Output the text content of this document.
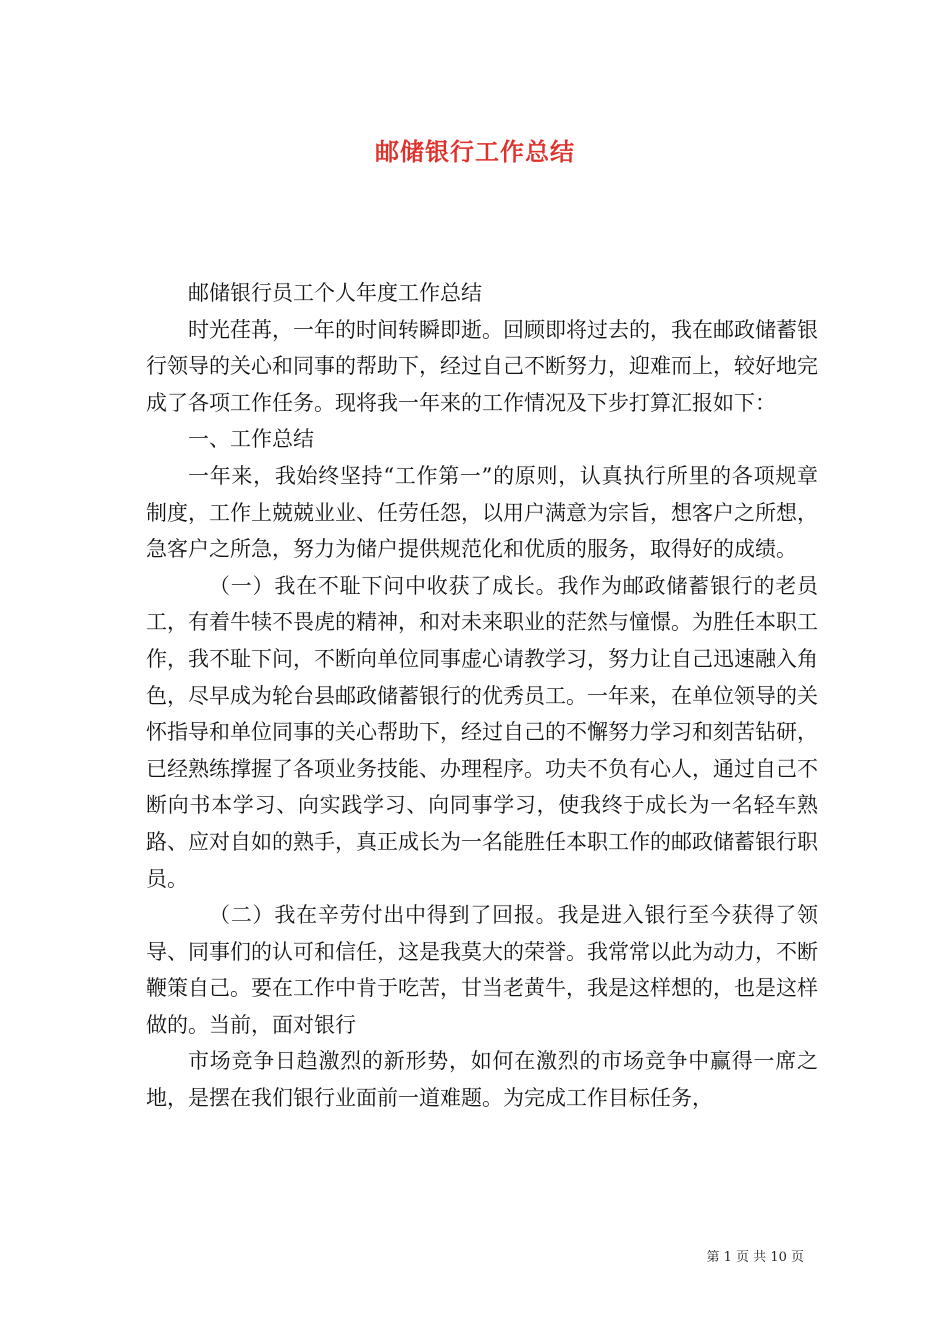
邮储银行工作总结

邮储银行员工个人年度工作总结

时光荏苒，一年的时间转瞬即逝。回顾即将过去的，我在邮政储蓄银行领导的关心和同事的帮助下，经过自己不断努力，迎难而上，较好地完成了各项工作任务。现将我一年来的工作情况及下步打算汇报如下：

一、工作总结

一年来，我始终坚持“工作第一”的原则，认真执行所里的各项规章制度，工作上兢兢业业、任劳任怨，以用户满意为宗旨，想客户之所想，急客户之所急，努力为储户提供规范化和优质的服务，取得好的成绩。

（一）我在不耻下问中收获了成长。我作为邮政储蓄银行的老员工，有着牛犊不畏虎的精神，和对未来职业的茫然与憧憬。为胜任本职工作，我不耻下问，不断向单位同事虚心请教学习，努力让自己迅速融入角色，尽早成为轮台县邮政储蓄银行的优秀员工。一年来，在单位领导的关怀指导和单位同事的关心帮助下，经过自己的不懈努力学习和刻苦钻研，已经熟练撑握了各项业务技能、办理程序。功夫不负有心人，通过自己不断向书本学习、向实践学习、向同事学习，使我终于成长为一名轻车熟路、应对自如的熟手，真正成长为一名能胜任本职工作的邮政储蓄银行职员。

（二）我在辛劳付出中得到了回报。我是进入银行至今获得了领导、同事们的认可和信任，这是我莫大的荣誉。我常常以此为动力，不断鞭策自己。要在工作中肯于吃苦，甘当老黄牛，我是这样想的，也是这样做的。当前，面对银行

市场竞争日趋激烈的新形势，如何在激烈的市场竞争中赢得一席之地，是摆在我们银行业面前一道难题。为完成工作目标任务，

第 1 页 共 10 页
